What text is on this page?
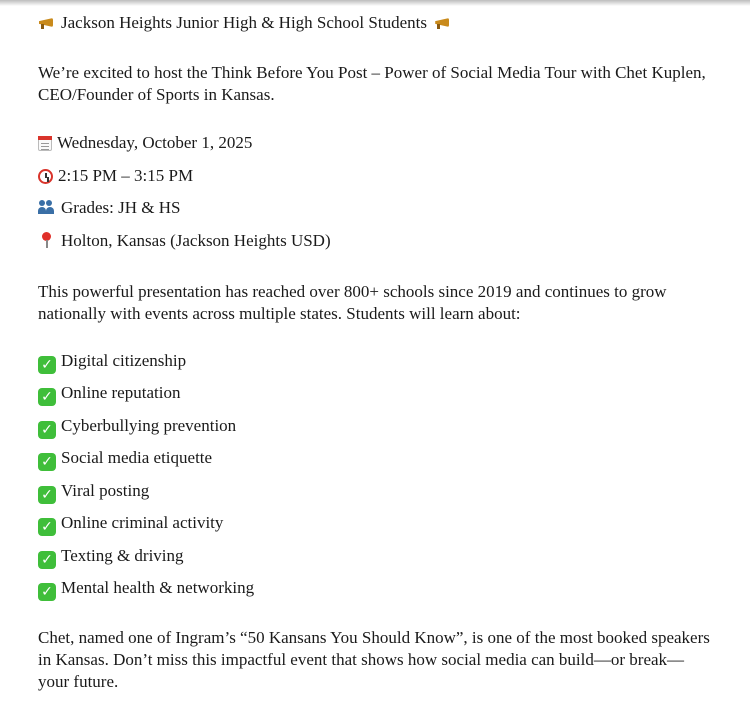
Jackson Heights Junior High & High School Students
We’re excited to host the Think Before You Post – Power of Social Media Tour with Chet Kuplen, CEO/Founder of Sports in Kansas.
Wednesday, October 1, 2025
2:15 PM – 3:15 PM
Grades: JH & HS
Holton, Kansas (Jackson Heights USD)
This powerful presentation has reached over 800+ schools since 2019 and continues to grow nationally with events across multiple states. Students will learn about:
✓ Digital citizenship
✓ Online reputation
✓ Cyberbullying prevention
✓ Social media etiquette
✓ Viral posting
✓ Online criminal activity
✓ Texting & driving
✓ Mental health & networking
Chet, named one of Ingram’s “50 Kansans You Should Know”, is one of the most booked speakers in Kansas. Don’t miss this impactful event that shows how social media can build—or break—your future.
